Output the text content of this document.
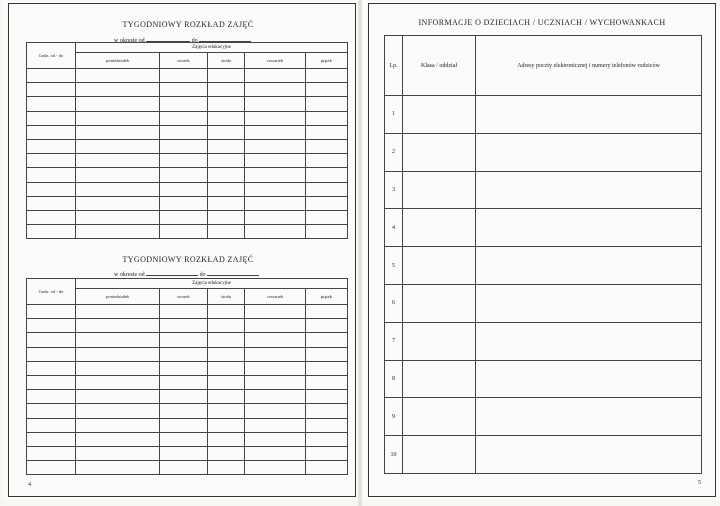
TYGODNIOWY ROZKŁAD ZAJĘĆ
w okresie od	do
Godz. od - do	Zajęcia edukacyjne				
	poniedziałek	wtorek	środa	czwartek	piątek

TYGODNIOWY ROZKŁAD ZAJĘĆ
w okresie od	do
Godz. od - do	Zajęcia edukacyjne				
	poniedziałek	wtorek	środa	czwartek	piątek

4
INFORMACJE O DZIECIACH / UCZNIACH / WYCHOWANKACH
Lp.	Klasa / oddział	Adresy poczty elektronicznej i numery telefonów rodziców
1		
2		
3		
4		
5		
6		
7		
8		
9		
10		
5
